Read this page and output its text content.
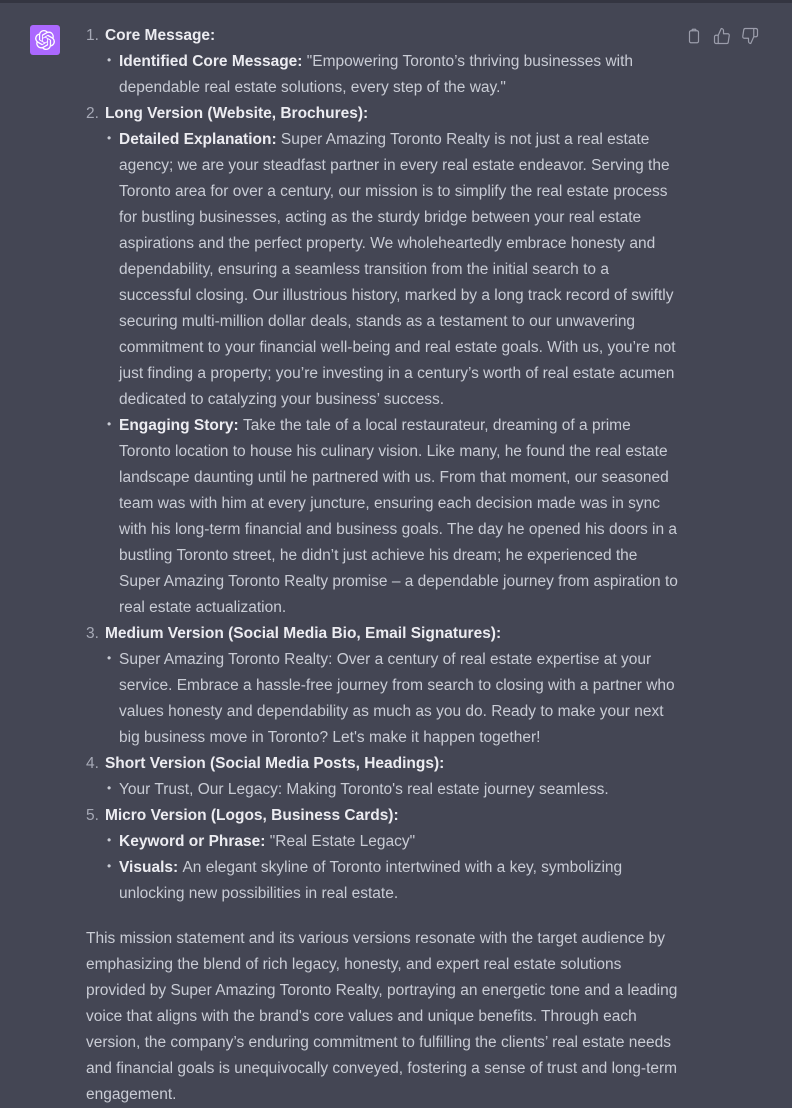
1. Core Message:
• Identified Core Message: "Empowering Toronto’s thriving businesses with dependable real estate solutions, every step of the way."
2. Long Version (Website, Brochures):
• Detailed Explanation: Super Amazing Toronto Realty is not just a real estate agency; we are your steadfast partner in every real estate endeavor. Serving the Toronto area for over a century, our mission is to simplify the real estate process for bustling businesses, acting as the sturdy bridge between your real estate aspirations and the perfect property. We wholeheartedly embrace honesty and dependability, ensuring a seamless transition from the initial search to a successful closing. Our illustrious history, marked by a long track record of swiftly securing multi-million dollar deals, stands as a testament to our unwavering commitment to your financial well-being and real estate goals. With us, you’re not just finding a property; you’re investing in a century’s worth of real estate acumen dedicated to catalyzing your business’ success.
• Engaging Story: Take the tale of a local restaurateur, dreaming of a prime Toronto location to house his culinary vision. Like many, he found the real estate landscape daunting until he partnered with us. From that moment, our seasoned team was with him at every juncture, ensuring each decision made was in sync with his long-term financial and business goals. The day he opened his doors in a bustling Toronto street, he didn’t just achieve his dream; he experienced the Super Amazing Toronto Realty promise – a dependable journey from aspiration to real estate actualization.
3. Medium Version (Social Media Bio, Email Signatures):
• Super Amazing Toronto Realty: Over a century of real estate expertise at your service. Embrace a hassle-free journey from search to closing with a partner who values honesty and dependability as much as you do. Ready to make your next big business move in Toronto? Let's make it happen together!
4. Short Version (Social Media Posts, Headings):
• Your Trust, Our Legacy: Making Toronto's real estate journey seamless.
5. Micro Version (Logos, Business Cards):
• Keyword or Phrase: "Real Estate Legacy"
• Visuals: An elegant skyline of Toronto intertwined with a key, symbolizing unlocking new possibilities in real estate.

This mission statement and its various versions resonate with the target audience by emphasizing the blend of rich legacy, honesty, and expert real estate solutions provided by Super Amazing Toronto Realty, portraying an energetic tone and a leading voice that aligns with the brand's core values and unique benefits. Through each version, the company’s enduring commitment to fulfilling the clients’ real estate needs and financial goals is unequivocally conveyed, fostering a sense of trust and long-term engagement.
